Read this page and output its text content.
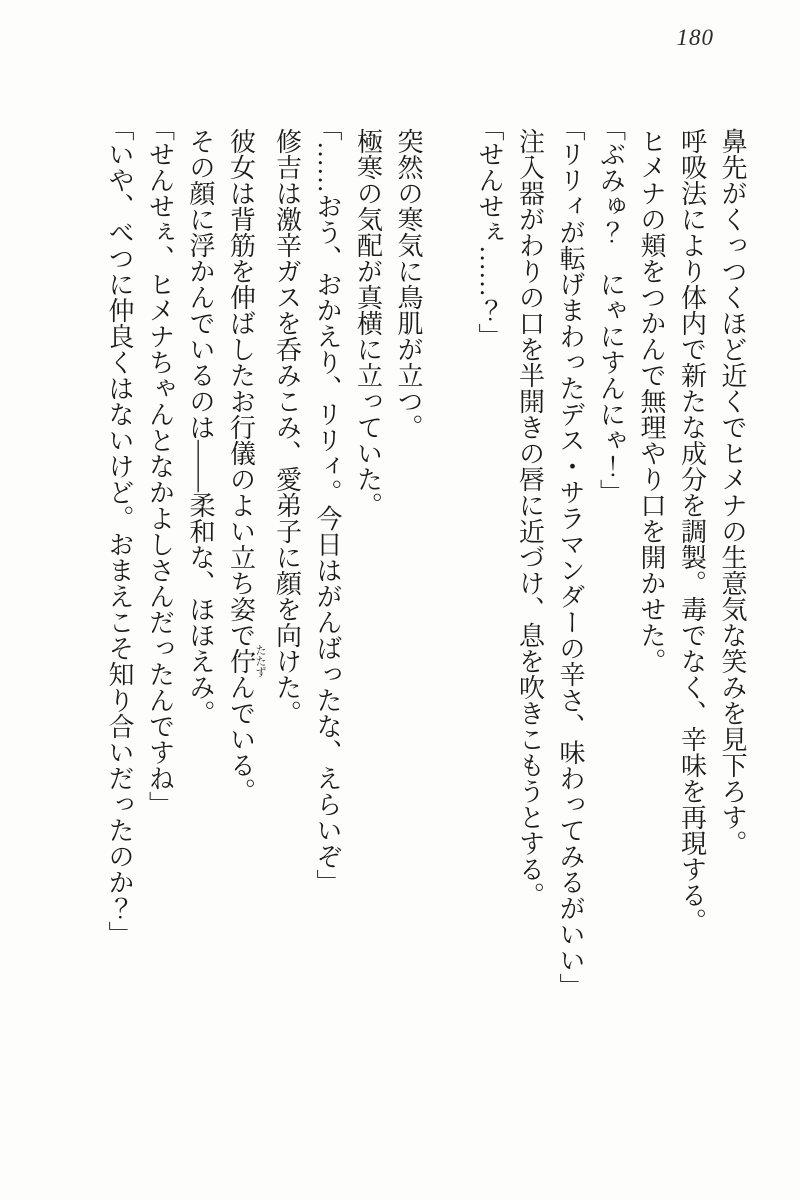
180

鼻先がくっつくほど近くでヒメナの生意気な笑みを見下ろす。

呼吸法により体内で新たな成分を調製。毒でなく、辛味を再現する。

ヒメナの頬をつかんで無理やり口を開かせた。

「ぶみゅ？　にゃにすんにゃ！」

「リリィが転げまわったデス・サラマンダーの辛さ、味わってみるがいい」

注入器がわりの口を半開きの唇に近づけ、息を吹きこもうとする。

「せんせぇ……？」

突然の寒気に鳥肌が立つ。

極寒の気配が真横に立っていた。

「……おう、おかえり、リリィ。今日はがんばったな、えらいぞ」

修吉は激辛ガスを呑みこみ、愛弟子に顔を向けた。

彼女は背筋を伸ばしたお行儀のよい立ち姿で佇たたずんでいる。

その顔に浮かんでいるのは――柔和な、ほほえみ。

「せんせぇ、ヒメナちゃんとなかよしさんだったんですね」

「いや、べつに仲良くはないけど。おまえこそ知り合いだったのか？」
